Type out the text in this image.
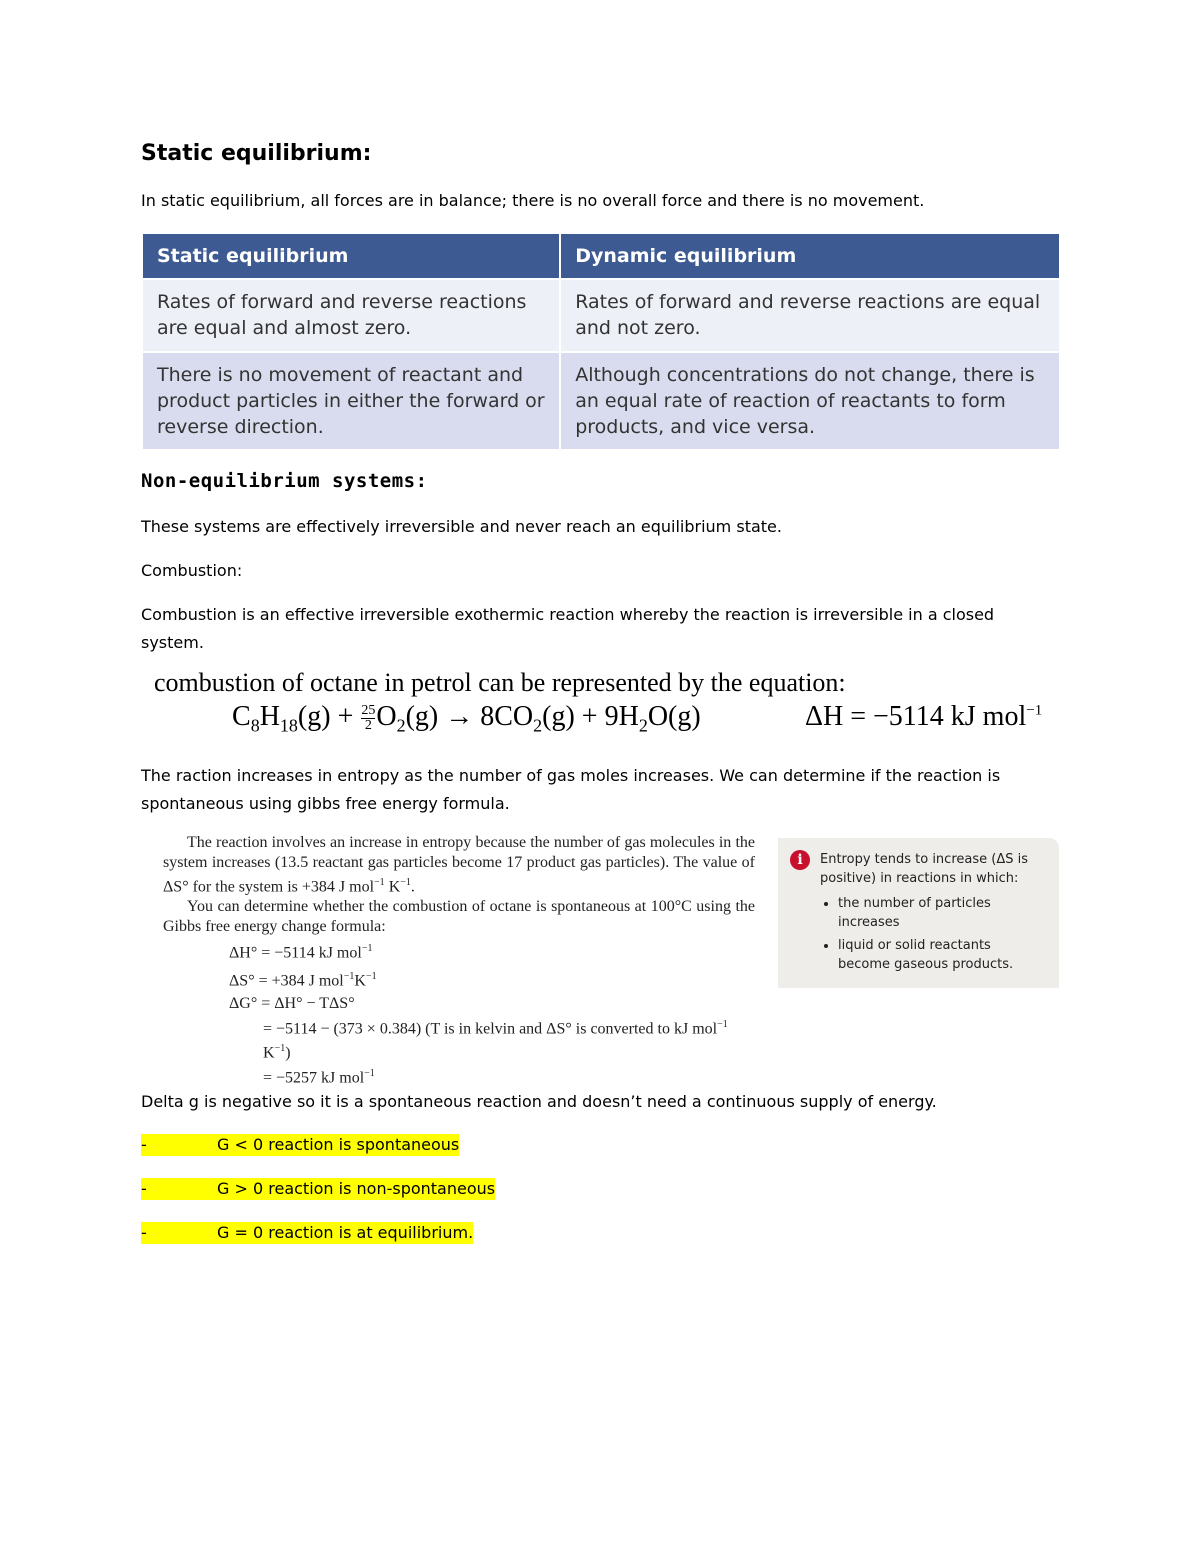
Static equilibrium:
In static equilibrium, all forces are in balance; there is no overall force and there is no movement.
Static equilibrium	Dynamic equilibrium
Rates of forward and reverse reactions are equal and almost zero.	Rates of forward and reverse reactions are equal and not zero.
There is no movement of reactant and product particles in either the forward or reverse direction.	Although concentrations do not change, there is an equal rate of reaction of reactants to form products, and vice versa.
Non-equilibrium systems:
These systems are effectively irreversible and never reach an equilibrium state.
Combustion:
Combustion is an effective irreversible exothermic reaction whereby the reaction is irreversible in a closed system.
combustion of octane in petrol can be represented by the equation:
$C_8H_{18}(g) + \frac{25}{2} O_2(g) \to 8CO_2(g) + 9H_2O(g)$	ΔH = −5114 kJ mol$^{-1}$
The raction increases in entropy as the number of gas moles increases. We can determine if the reaction is spontaneous using gibbs free energy formula.

The reaction involves an increase in entropy because the number of gas molecules in the system increases (13.5 reactant gas particles become 17 product gas particles). The value of ΔS° for the system is +384 J mol$^{-1}$ $K^{-1}$.

You can determine whether the combustion of octane is spontaneous at 100°C using the Gibbs free energy change formula:

ΔH° = −5114 kJ mol$^{-1}$

ΔS° = +384 J $mol^{-1}K^{-1}$

ΔG° = ΔH° − TΔS°

= −5114 − (373 × 0.384) (T is in kelvin and ΔS° is converted to kJ mol$^{-1}$ $K^{-1}$)

= −5257 kJ mol$^{-1}$

i	Entropy tends to increase (ΔS is positive) in reactions in which:
• the number of particles increases
• liquid or solid reactants become gaseous products.
Delta g is negative so it is a spontaneous reaction and doesn’t need a continuous supply of energy.
-	G < 0 reaction is spontaneous
-	G > 0 reaction is non-spontaneous
-	G = 0 reaction is at equilibrium.
